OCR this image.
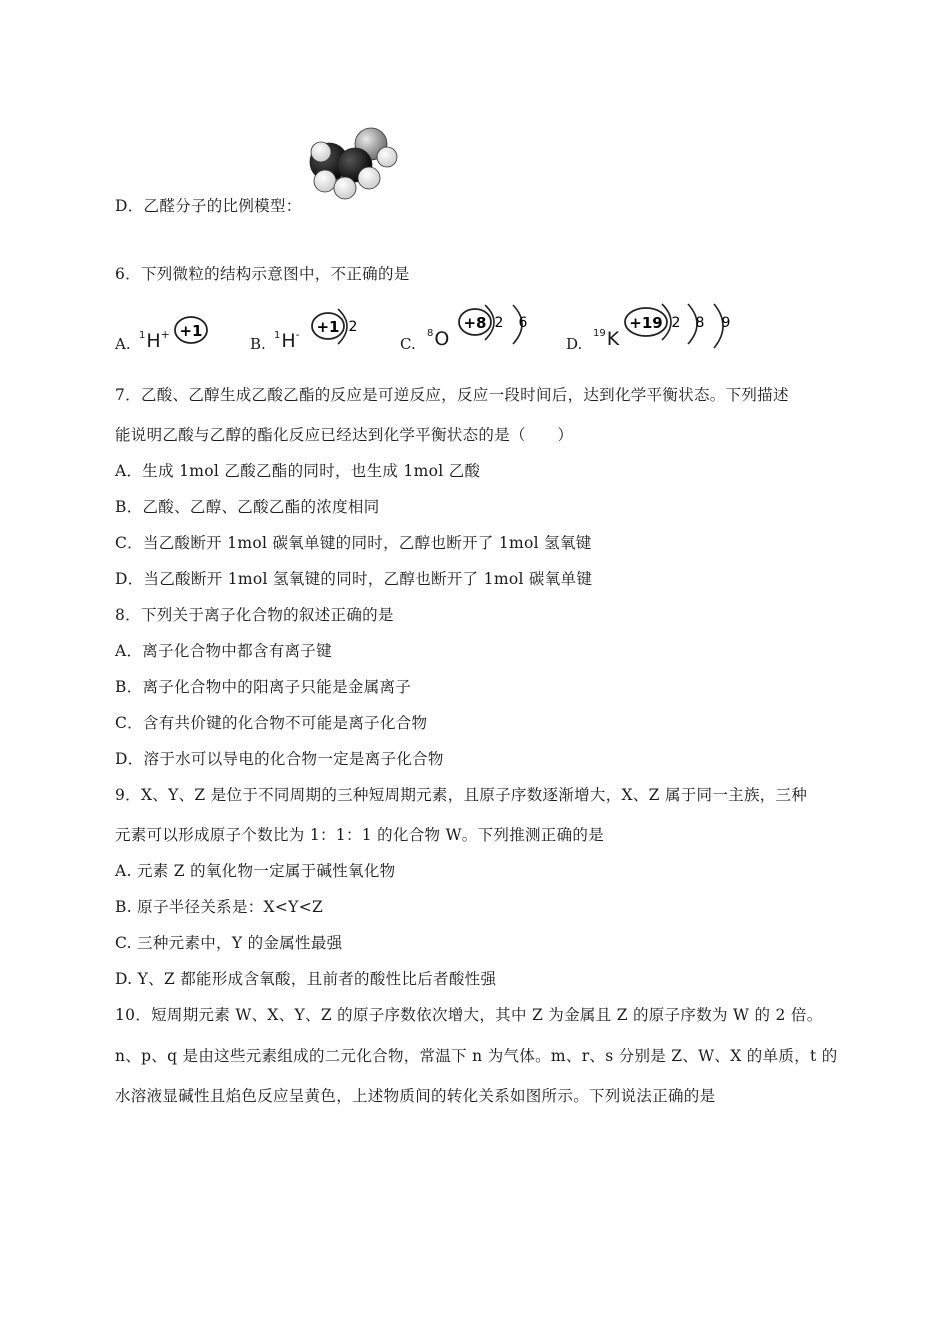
D．乙醛分子的比例模型：
6．下列微粒的结构示意图中，不正确的是
A. $^1$H+ +1
B. $^1$H- +1 2
C.
$^8$O
+8 2 6
D.
$^{19}$K
+19 2 8 9
7．乙酸、乙醇生成乙酸乙酯的反应是可逆反应，反应一段时间后，达到化学平衡状态。下列描述
能说明乙酸与乙醇的酯化反应已经达到化学平衡状态的是（　　）
A．生成 1mol 乙酸乙酯的同时，也生成 1mol 乙酸
B．乙酸、乙醇、乙酸乙酯的浓度相同
C．当乙酸断开 1mol 碳氧单键的同时，乙醇也断开了 1mol 氢氧键
D．当乙酸断开 1mol 氢氧键的同时，乙醇也断开了 1mol 碳氧单键
8．下列关于离子化合物的叙述正确的是
A．离子化合物中都含有离子键
B．离子化合物中的阳离子只能是金属离子
C．含有共价键的化合物不可能是离子化合物
D．溶于水可以导电的化合物一定是离子化合物
9．X、Y、Z 是位于不同周期的三种短周期元素，且原子序数逐渐增大，X、Z 属于同一主族，三种
元素可以形成原子个数比为 1：1：1 的化合物 W。下列推测正确的是
A. 元素 Z 的氧化物一定属于碱性氧化物
B. 原子半径关系是：X<Y<Z
C. 三种元素中，Y 的金属性最强
D. Y、Z 都能形成含氧酸，且前者的酸性比后者酸性强
10．短周期元素 W、X、Y、Z 的原子序数依次增大，其中 Z 为金属且 Z 的原子序数为 W 的 2 倍。
n、p、q 是由这些元素组成的二元化合物，常温下 n 为气体。m、r、s 分别是 Z、W、X 的单质，t 的
水溶液显碱性且焰色反应呈黄色，上述物质间的转化关系如图所示。下列说法正确的是
